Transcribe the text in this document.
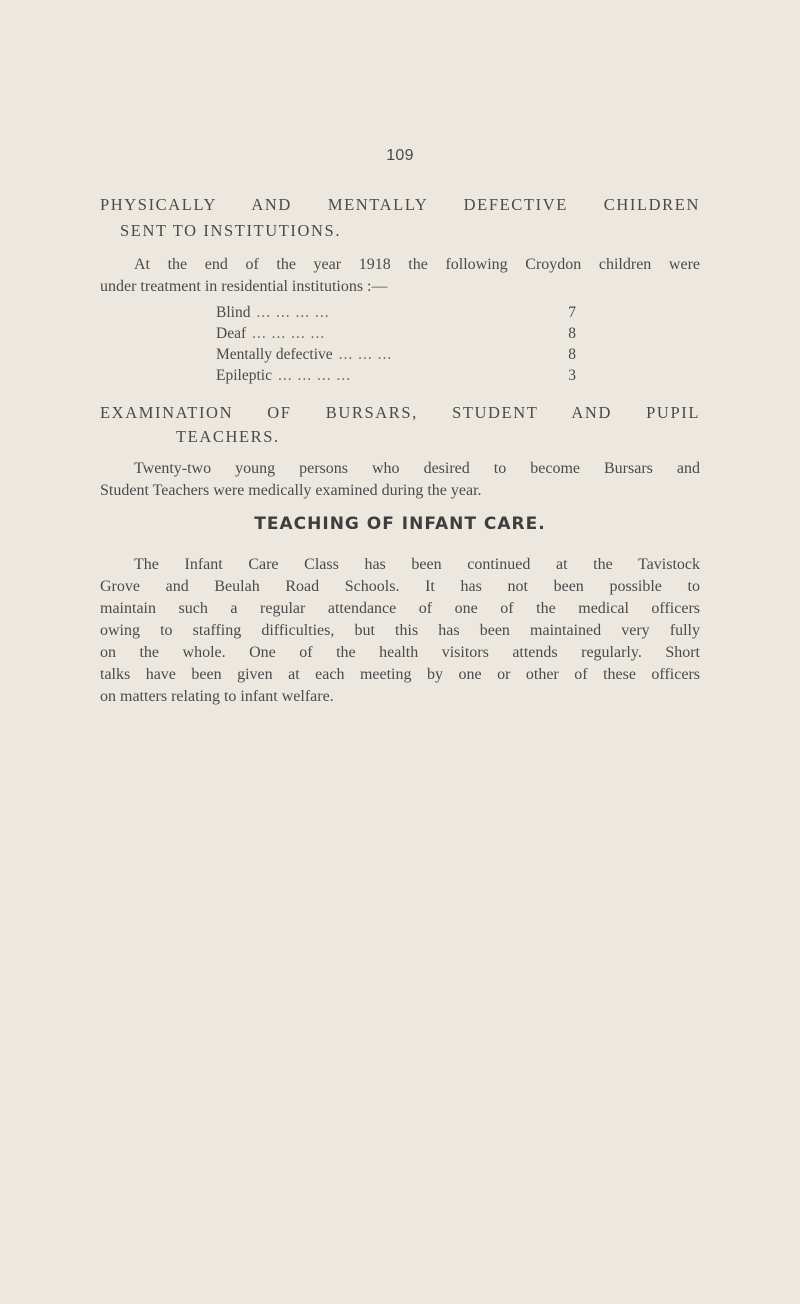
109
PHYSICALLY AND MENTALLY DEFECTIVE CHILDREN
SENT TO INSTITUTIONS.
At the end of the year 1918 the following Croydon children were
under treatment in residential institutions :—
Blind ... ... ... ...	7
Deaf ... ... ... ...	8
Mentally defective ... ... ...	8
Epileptic ... ... ... ...	3
EXAMINATION OF BURSARS, STUDENT AND PUPIL
TEACHERS.
Twenty-two young persons who desired to become Bursars and
Student Teachers were medically examined during the year.
TEACHING OF INFANT CARE.
The Infant Care Class has been continued at the Tavistock
Grove and Beulah Road Schools. It has not been possible to
maintain such a regular attendance of one of the medical officers
owing to staffing difficulties, but this has been maintained very fully
on the whole. One of the health visitors attends regularly. Short
talks have been given at each meeting by one or other of these officers
on matters relating to infant welfare.
